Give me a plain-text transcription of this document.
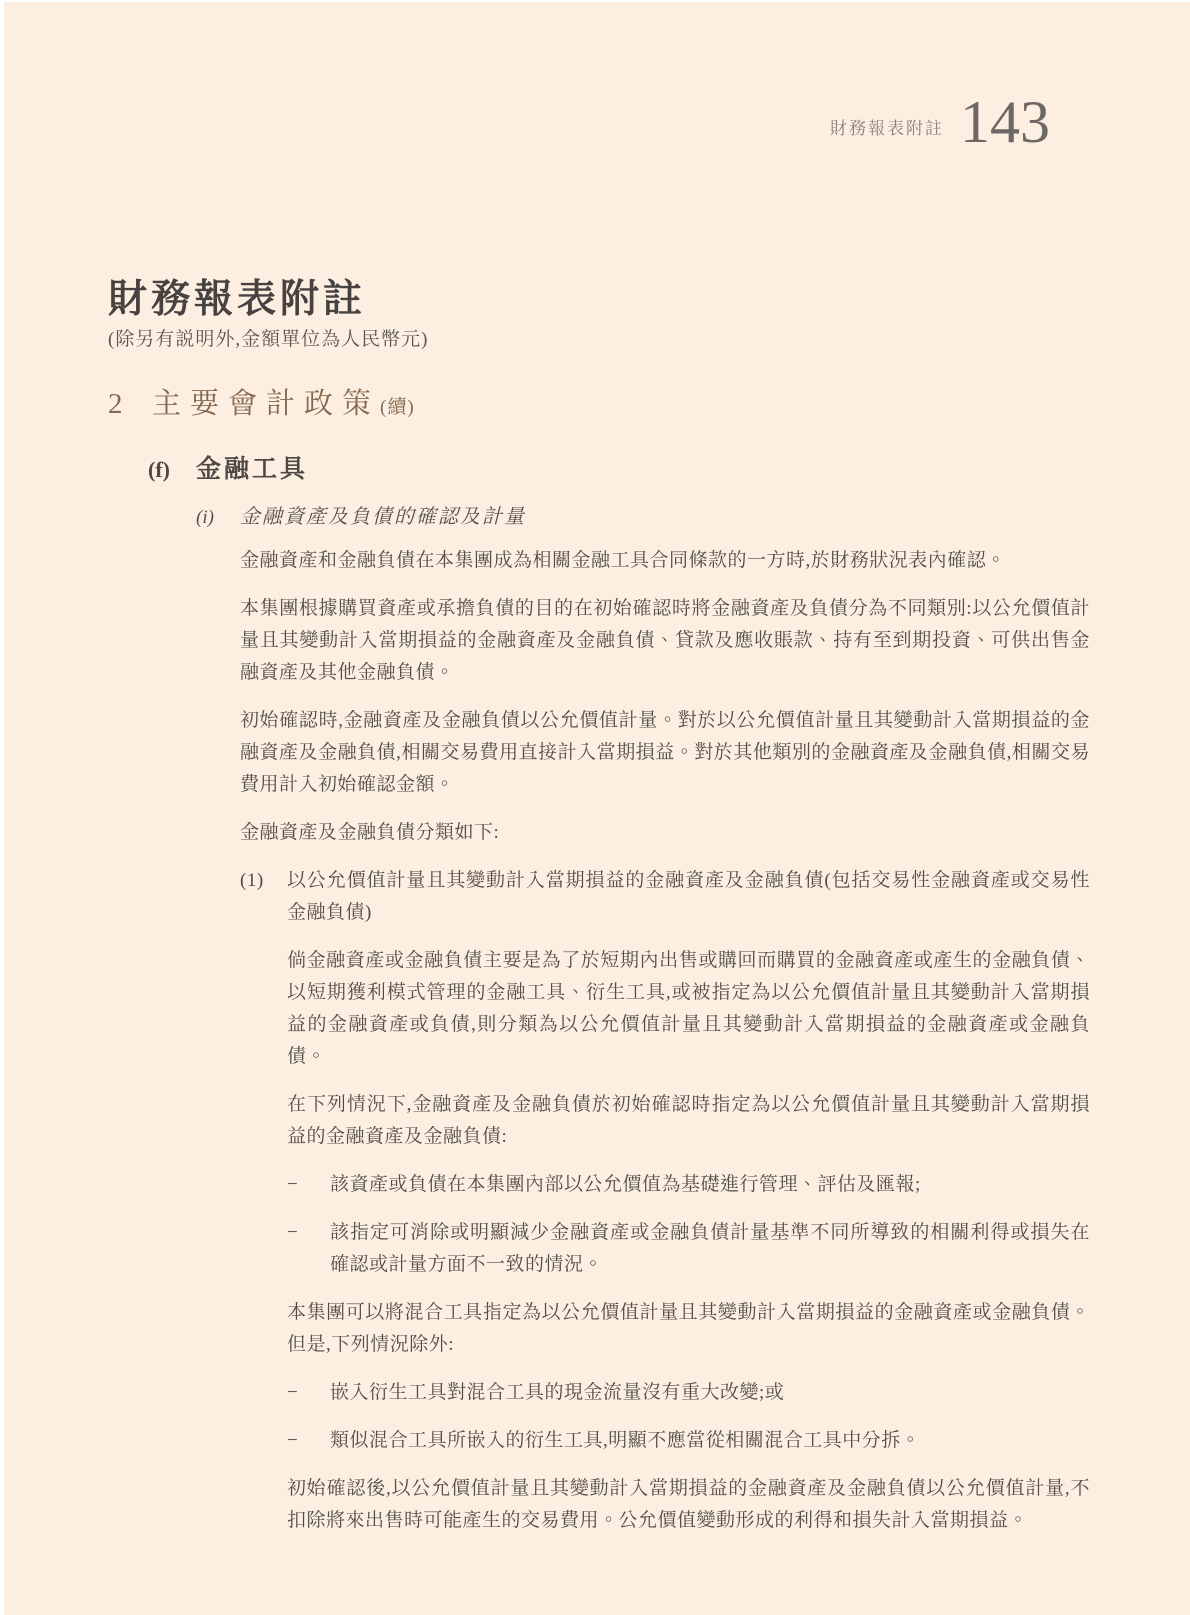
財務報表附註 143
財務報表附註
(除另有説明外,金額單位為人民幣元)
2	主要會計政策 (續)
(f)	金融工具
(i)	金融資產及負債的確認及計量

金融資產和金融負債在本集團成為相關金融工具合同條款的一方時,於財務狀況表內確認。

本集團根據購買資產或承擔負債的目的在初始確認時將金融資產及負債分為不同類別:以公允價值計量且其變動計入當期損益的金融資產及金融負債、貸款及應收賬款、持有至到期投資、可供出售金融資產及其他金融負債。

初始確認時,金融資產及金融負債以公允價值計量。對於以公允價值計量且其變動計入當期損益的金融資產及金融負債,相關交易費用直接計入當期損益。對於其他類別的金融資產及金融負債,相關交易費用計入初始確認金額。

金融資產及金融負債分類如下:

(1)	以公允價值計量且其變動計入當期損益的金融資產及金融負債(包括交易性金融資產或交易性金融負債)

倘金融資產或金融負債主要是為了於短期內出售或購回而購買的金融資產或產生的金融負債、以短期獲利模式管理的金融工具、衍生工具,或被指定為以公允價值計量且其變動計入當期損益的金融資產或負債,則分類為以公允價值計量且其變動計入當期損益的金融資產或金融負債。

在下列情況下,金融資產及金融負債於初始確認時指定為以公允價值計量且其變動計入當期損益的金融資產及金融負債:

−	該資產或負債在本集團內部以公允價值為基礎進行管理、評估及匯報;
−	該指定可消除或明顯減少金融資產或金融負債計量基準不同所導致的相關利得或損失在確認或計量方面不一致的情況。

本集團可以將混合工具指定為以公允價值計量且其變動計入當期損益的金融資產或金融負債。但是,下列情況除外:

−	嵌入衍生工具對混合工具的現金流量沒有重大改變;或
−	類似混合工具所嵌入的衍生工具,明顯不應當從相關混合工具中分拆。

初始確認後,以公允價值計量且其變動計入當期損益的金融資產及金融負債以公允價值計量,不扣除將來出售時可能產生的交易費用。公允價值變動形成的利得和損失計入當期損益。
